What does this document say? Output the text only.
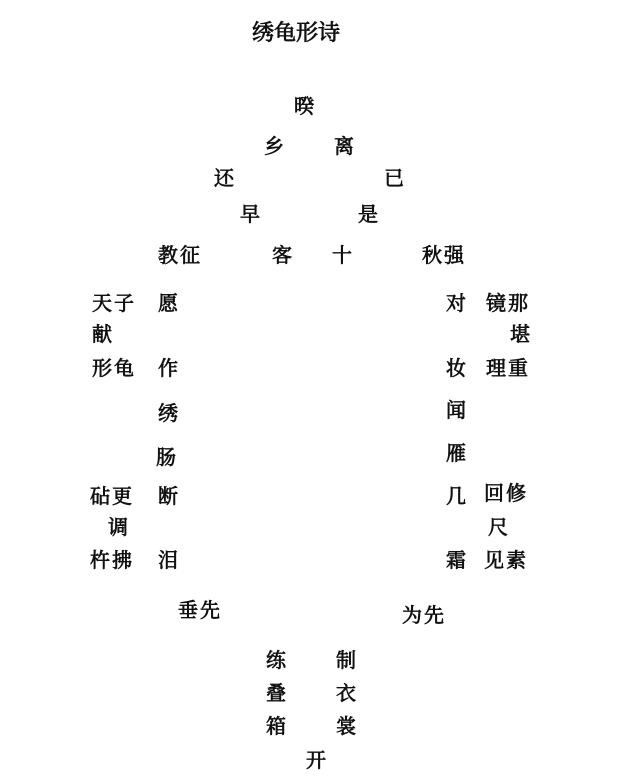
绣龟形诗
暌
乡 离
还	已
早	是
教征	客 十	秋强
天子 愿	对 镜那
献	堪
形龟 作	妆 理重
绣	闻
肠	雁
砧更 断	几 回修
调	尺
杵拂 泪	霜 见素
垂先	为先
练 制
叠 衣
箱 裳
开
